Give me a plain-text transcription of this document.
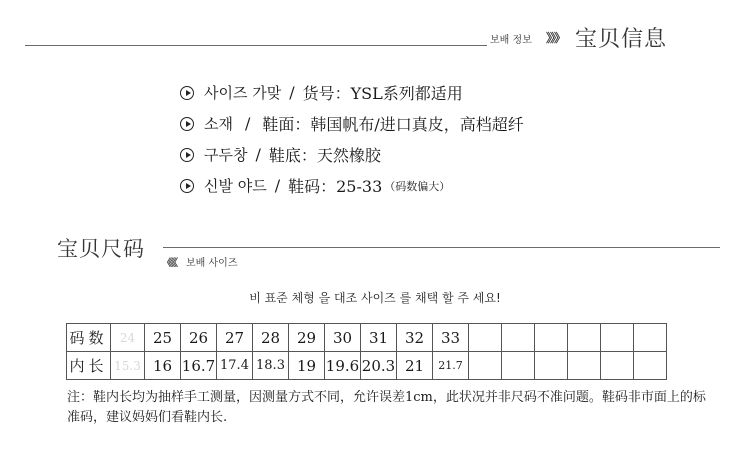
보배 정보 》》》 宝贝信息
사이즈 가맞 / 货号：YSL系列都适用
소재 / 鞋面：韩国帆布/进口真皮，高档超纤
구두창 / 鞋底：天然橡胶
신발 야드 / 鞋码：25-33 （码数偏大）
宝贝尺码
《《《 보배 사이즈
비 표준 체형 을 대조 사이즈 를 채택 할 주 세요!
码数	24	25	26	27	28	29	30	31	32	33						
内长	15.3	16	16.7	17.4	18.3	19	19.6	20.3	21	21.7						
注：鞋内长均为抽样手工测量，因测量方式不同，允许误差1cm，此状况并非尺码不准问题。鞋码非市面上的标准码，建议妈妈们看鞋内长.
